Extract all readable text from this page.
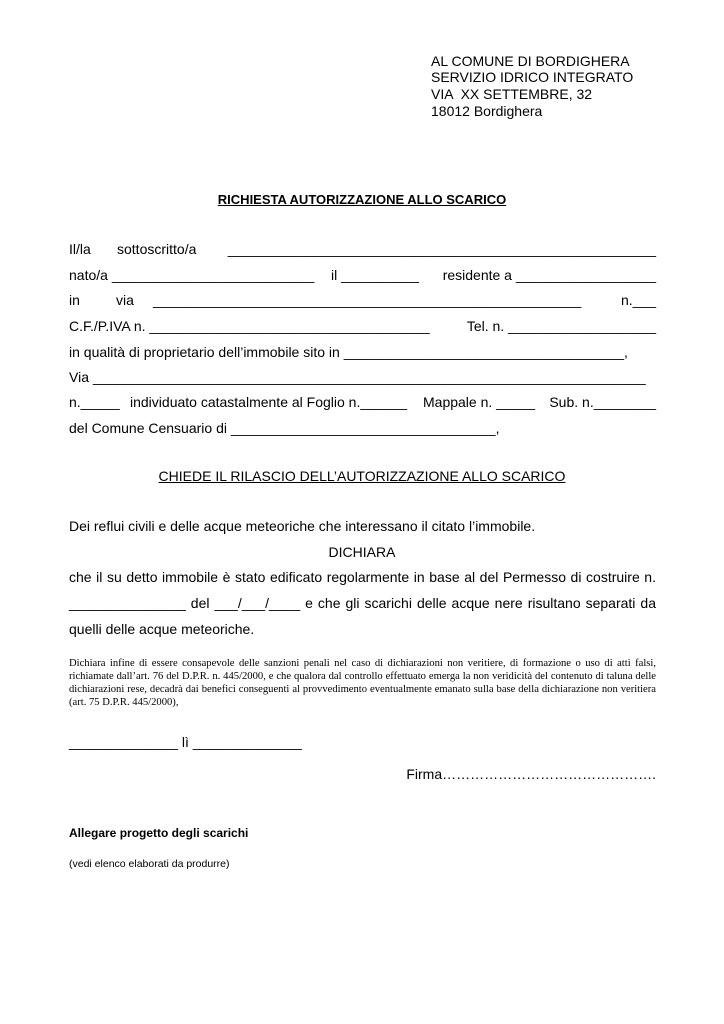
AL COMUNE DI BORDIGHERA
SERVIZIO IDRICO INTEGRATO
VIA  XX SETTEMBRE, 32
18012 Bordighera
RICHIESTA AUTORIZZAZIONE ALLO SCARICO
Il/la sottoscritto/a _______________________________________________________
nato/a __________________________ il __________ residente a __________________
in	via _______________________________________________________	n.___
C.F./P.IVA n. ____________________________________	Tel. n. ___________________
in qualità di proprietario dell’immobile sito in ____________________________________,
Via _______________________________________________________________________
n._____ individuato catastalmente al Foglio n.______ Mappale n. _____ Sub. n.________
del Comune Censuario di __________________________________,
CHIEDE IL RILASCIO DELL’AUTORIZZAZIONE ALLO SCARICO
Dei reflui civili e delle acque meteoriche che interessano il citato l’immobile.
DICHIARA
che il su detto immobile è stato edificato regolarmente in base al del Permesso di costruire n. _______________ del ___/___/____ e che gli scarichi delle acque nere risultano separati da quelli delle acque meteoriche.
Dichiara infine di essere consapevole delle sanzioni penali nel caso di dichiarazioni non veritiere, di formazione o uso di atti falsi, richiamate dall’art. 76 del D.P.R. n. 445/2000, e che qualora dal controllo effettuato emerga la non veridicità del contenuto di taluna delle dichiarazioni rese, decadrà dai benefici conseguenti al provvedimento eventualmente emanato sulla base della dichiarazione non veritiera (art. 75 D.P.R. 445/2000),
______________ lì ______________
Firma……………………………………….
Allegare progetto degli scarichi
(vedi elenco elaborati da produrre)
